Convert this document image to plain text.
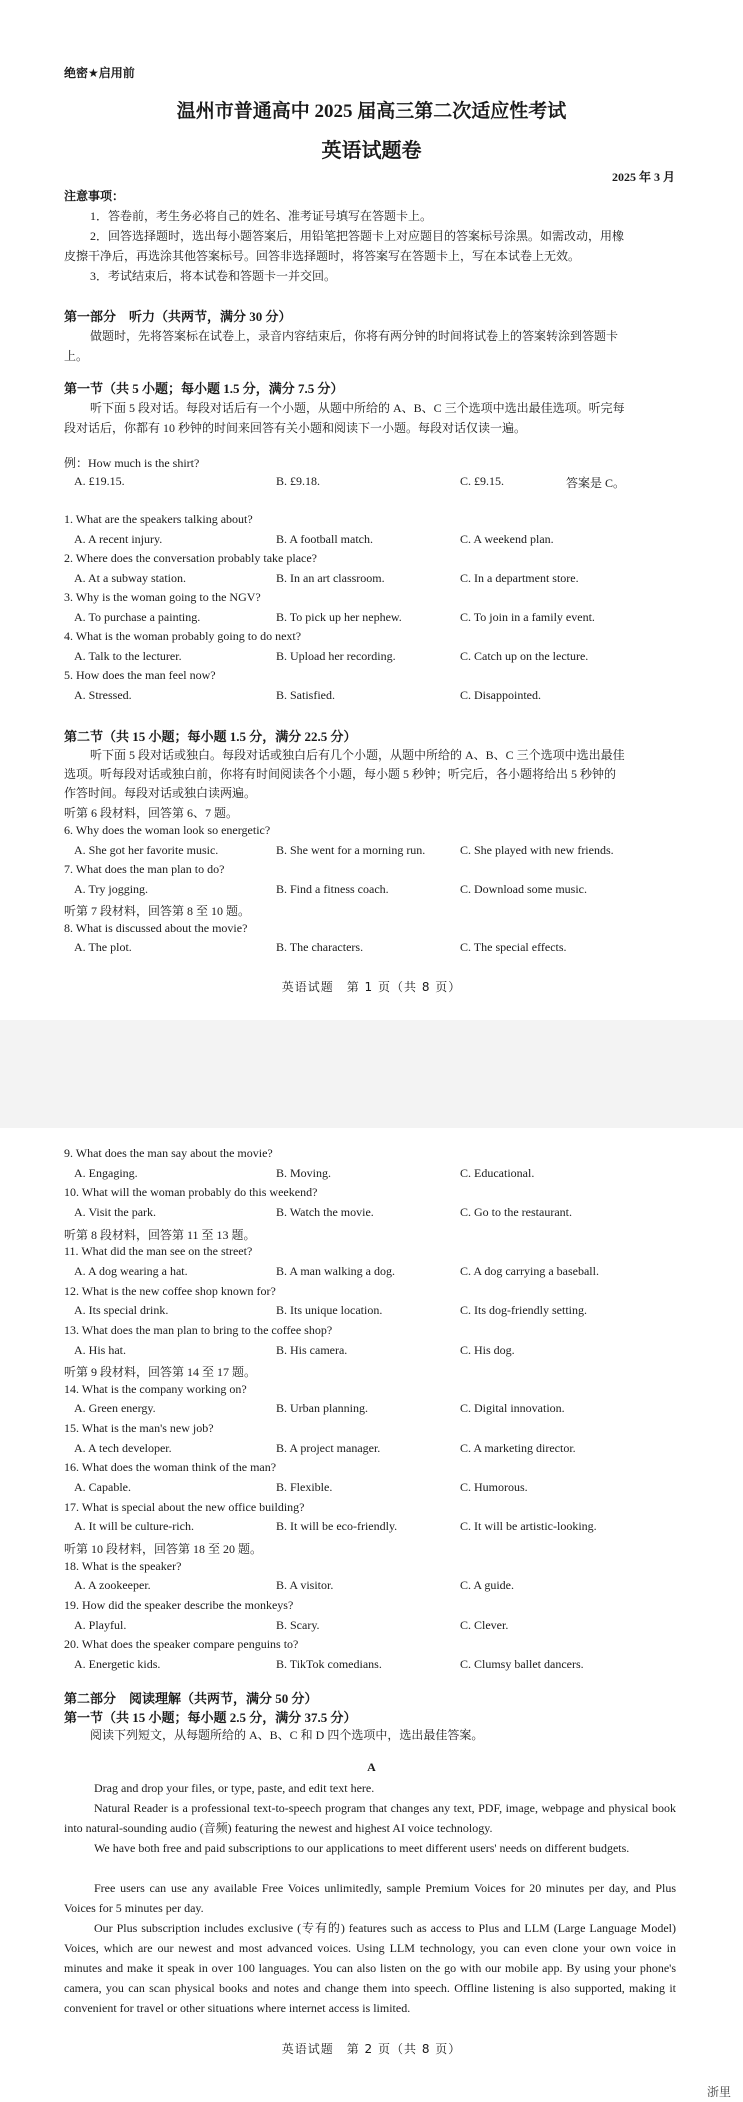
绝密★启用前
温州市普通高中 2025 届高三第二次适应性考试
英语试题卷
2025 年 3 月
注意事项：
1．答卷前，考生务必将自己的姓名、准考证号填写在答题卡上。
2．回答选择题时，选出每小题答案后，用铅笔把答题卡上对应题目的答案标号涂黑。如需改动，用橡
皮擦干净后，再选涂其他答案标号。回答非选择题时，将答案写在答题卡上，写在本试卷上无效。
3．考试结束后，将本试卷和答题卡一并交回。
第一部分　听力（共两节，满分 30 分）
做题时，先将答案标在试卷上，录音内容结束后，你将有两分钟的时间将试卷上的答案转涂到答题卡
上。
第一节（共 5 小题；每小题 1.5 分，满分 7.5 分）
听下面 5 段对话。每段对话后有一个小题，从题中所给的 A、B、C 三个选项中选出最佳选项。听完每
段对话后，你都有 10 秒钟的时间来回答有关小题和阅读下一小题。每段对话仅读一遍。
例：How much is the shirt?
A. £19.15.	B. £9.18.	C. £9.15.	答案是 C。
1. What are the speakers talking about?
A. A recent injury.	B. A football match.	C. A weekend plan.
2. Where does the conversation probably take place?
A. At a subway station.	B. In an art classroom.	C. In a department store.
3. Why is the woman going to the NGV?
A. To purchase a painting.	B. To pick up her nephew.	C. To join in a family event.
4. What is the woman probably going to do next?
A. Talk to the lecturer.	B. Upload her recording.	C. Catch up on the lecture.
5. How does the man feel now?
A. Stressed.	B. Satisfied.	C. Disappointed.
第二节（共 15 小题；每小题 1.5 分，满分 22.5 分）
听下面 5 段对话或独白。每段对话或独白后有几个小题，从题中所给的 A、B、C 三个选项中选出最佳
选项。听每段对话或独白前，你将有时间阅读各个小题，每小题 5 秒钟；听完后，各小题将给出 5 秒钟的
作答时间。每段对话或独白读两遍。
听第 6 段材料，回答第 6、7 题。
6. Why does the woman look so energetic?
A. She got her favorite music.	B. She went for a morning run.	C. She played with new friends.
7. What does the man plan to do?
A. Try jogging.	B. Find a fitness coach.	C. Download some music.
听第 7 段材料，回答第 8 至 10 题。
8. What is discussed about the movie?
A. The plot.	B. The characters.	C. The special effects.
英语试题　第 1 页（共 8 页）
9. What does the man say about the movie?
A. Engaging.	B. Moving.	C. Educational.
10. What will the woman probably do this weekend?
A. Visit the park.	B. Watch the movie.	C. Go to the restaurant.
听第 8 段材料，回答第 11 至 13 题。
11. What did the man see on the street?
A. A dog wearing a hat.	B. A man walking a dog.	C. A dog carrying a baseball.
12. What is the new coffee shop known for?
A. Its special drink.	B. Its unique location.	C. Its dog-friendly setting.
13. What does the man plan to bring to the coffee shop?
A. His hat.	B. His camera.	C. His dog.
听第 9 段材料，回答第 14 至 17 题。
14. What is the company working on?
A. Green energy.	B. Urban planning.	C. Digital innovation.
15. What is the man's new job?
A. A tech developer.	B. A project manager.	C. A marketing director.
16. What does the woman think of the man?
A. Capable.	B. Flexible.	C. Humorous.
17. What is special about the new office building?
A. It will be culture-rich.	B. It will be eco-friendly.	C. It will be artistic-looking.
听第 10 段材料，回答第 18 至 20 题。
18. What is the speaker?
A. A zookeeper.	B. A visitor.	C. A guide.
19. How did the speaker describe the monkeys?
A. Playful.	B. Scary.	C. Clever.
20. What does the speaker compare penguins to?
A. Energetic kids.	B. TikTok comedians.	C. Clumsy ballet dancers.
第二部分　阅读理解（共两节，满分 50 分）
第一节（共 15 小题；每小题 2.5 分，满分 37.5 分）
阅读下列短文，从每题所给的 A、B、C 和 D 四个选项中，选出最佳答案。
A
Drag and drop your files, or type, paste, and edit text here.
Natural Reader is a professional text-to-speech program that changes any text, PDF, image, webpage and physical book into natural-sounding audio (音频) featuring the newest and highest AI voice technology.
We have both free and paid subscriptions to our applications to meet different users' needs on different budgets.
Free users can use any available Free Voices unlimitedly, sample Premium Voices for 20 minutes per day, and Plus Voices for 5 minutes per day.
Our Plus subscription includes exclusive (专有的) features such as access to Plus and LLM (Large Language Model) Voices, which are our newest and most advanced voices. Using LLM technology, you can even clone your own voice in minutes and make it speak in over 100 languages. You can also listen on the go with our mobile app. By using your phone's camera, you can scan physical books and notes and change them into speech. Offline listening is also supported, making it convenient for travel or other situations where internet access is limited.
英语试题　第 2 页（共 8 页）
浙里
